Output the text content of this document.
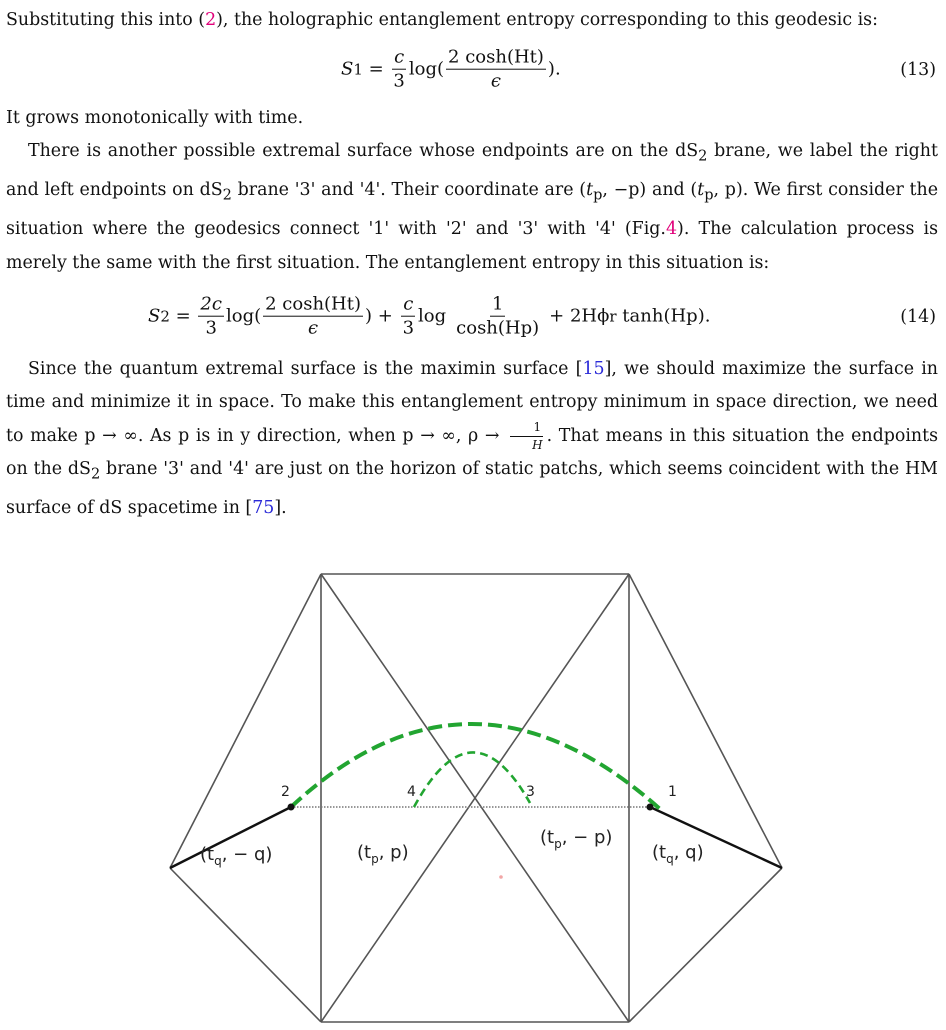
Substituting this into (2), the holographic entanglement entropy corresponding to this geodesic is:

S $1 = \frac{c}{3} \log( \frac{2 \cosh(Ht)}{\epsilon}$ ).	(13)

It grows monotonically with time.

There is another possible extremal surface whose endpoints are on the $dS_2$ brane, we label the right and left endpoints on $dS_2$ brane '3' and '4'. Their coordinate are ($t_p$, −p) and ($t_p$, p). We first consider the situation where the geodesics connect '1' with '2' and '3' with '4' (Fig.4). The calculation process is merely the same with the first situation. The entanglement entropy in this situation is:

S $2 = \frac{2c}{3} \log( \frac{2 \cosh(Ht)}{\epsilon}$ ) + $\frac{c}{3}$ $\log \frac{1}{\cosh(Hp)} + 2H\phi$ r tanh(Hp).	(14)

Since the quantum extremal surface is the maximin surface [15], we should maximize the surface in time and minimize it in space. To make this entanglement entropy minimum in space direction, we need to make p → ∞. As p is in y direction, when p → ∞, $\rho \to \frac{1}{H}$ . That means in this situation the endpoints on the $dS_2$ brane '3' and '4' are just on the horizon of static patchs, which seems coincident with the HM surface of dS spacetime in [75].

2	4	3	1
($t_q$, − q)	($t_p$, p)
($t_p$, − p)
($t_q$, q)
